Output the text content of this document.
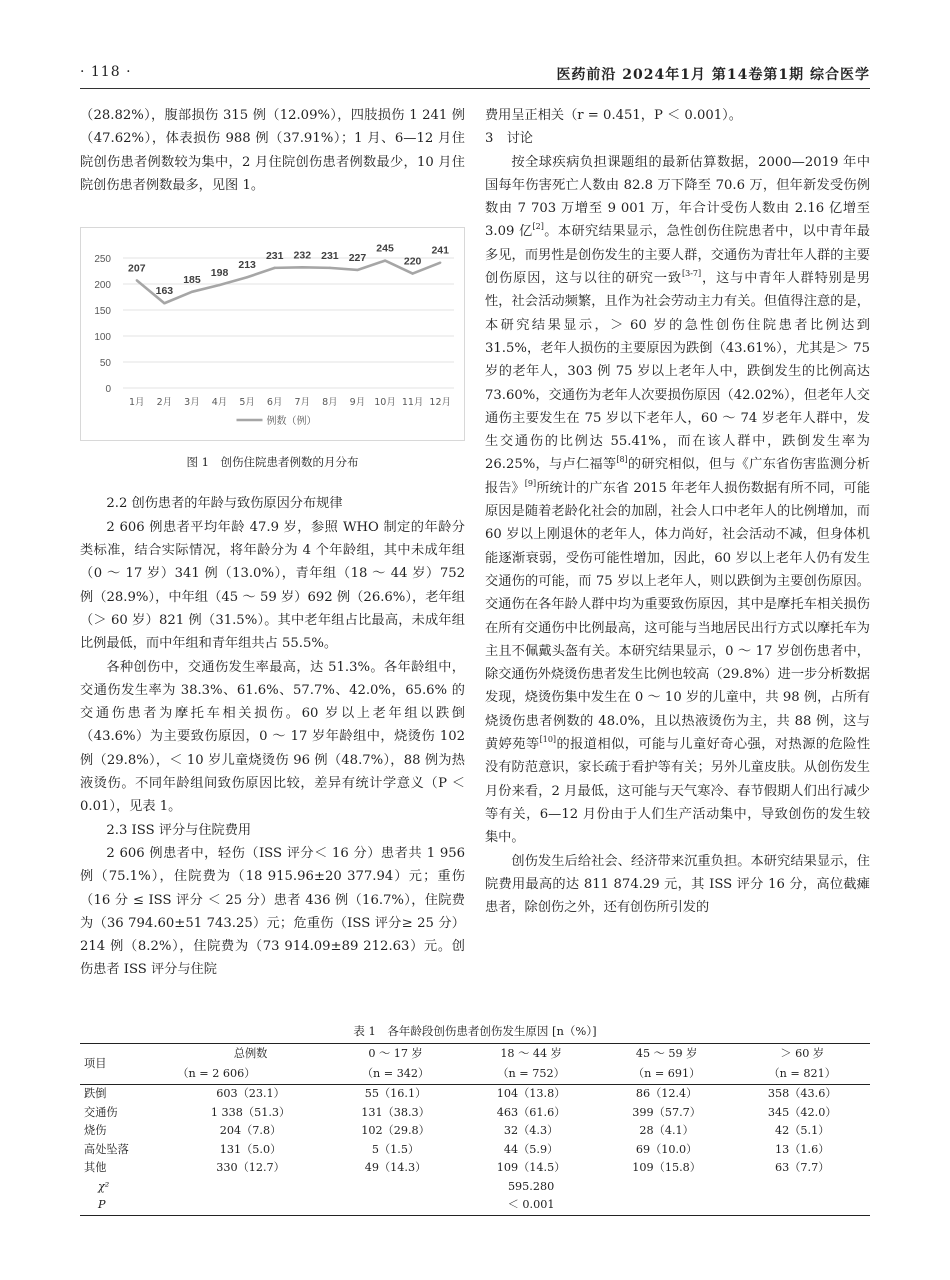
· 118 ·	医药前沿 2024年1月 第14卷第1期 综合医学

（28.82%），腹部损伤 315 例（12.09%），四肢损伤 1 241 例（47.62%），体表损伤 988 例（37.91%）；1 月、6—12 月住院创伤患者例数较为集中，2 月住院创伤患者例数最少，10 月住院创伤患者例数最多，见图 1。

0
50
100
150
200
250
1月 2月 3月 4月 5月 6月 7月 8月 9月 10月 11月 12月
207
163
185
198
213
231 232 231 227
245
220
241
例数（例）
图 1　创伤住院患者例数的月分布

2.2 创伤患者的年龄与致伤原因分布规律

2 606 例患者平均年龄 47.9 岁，参照 WHO 制定的年龄分类标准，结合实际情况，将年龄分为 4 个年龄组，其中未成年组（0 ～ 17 岁）341 例（13.0%），青年组（18 ～ 44 岁）752 例（28.9%），中年组（45 ～ 59 岁）692 例（26.6%），老年组（＞ 60 岁）821 例（31.5%）。其中老年组占比最高，未成年组比例最低，而中年组和青年组共占 55.5%。

各种创伤中，交通伤发生率最高，达 51.3%。各年龄组中，交通伤发生率为 38.3%、61.6%、57.7%、42.0%，65.6% 的交通伤患者为摩托车相关损伤。60 岁以上老年组以跌倒（43.6%）为主要致伤原因，0 ～ 17 岁年龄组中，烧烫伤 102 例（29.8%），＜ 10 岁儿童烧烫伤 96 例（48.7%），88 例为热液烫伤。不同年龄组间致伤原因比较，差异有统计学意义（P ＜ 0.01），见表 1。

2.3 ISS 评分与住院费用

2 606 例患者中，轻伤（ISS 评分＜ 16 分）患者共 1 956 例（75.1%），住院费为（18 915.96±20 377.94）元；重伤（16 分 ≤ ISS 评分 ＜ 25 分）患者 436 例（16.7%），住院费为（36 794.60±51 743.25）元；危重伤（ISS 评分≥ 25 分）214 例（8.2%），住院费为（73 914.09±89 212.63）元。创伤患者 ISS 评分与住院

费用呈正相关（r = 0.451，P ＜ 0.001）。

3　讨论

按全球疾病负担课题组的最新估算数据，2000—2019 年中国每年伤害死亡人数由 82.8 万下降至 70.6 万，但年新发受伤例数由 7 703 万增至 9 001 万，年合计受伤人数由 2.16 亿增至 3.09 亿[2]。本研究结果显示，急性创伤住院患者中，以中青年最多见，而男性是创伤发生的主要人群，交通伤为青壮年人群的主要创伤原因，这与以往的研究一致[3-7]，这与中青年人群特别是男性，社会活动频繁，且作为社会劳动主力有关。但值得注意的是，本研究结果显示，＞ 60 岁的急性创伤住院患者比例达到 31.5%，老年人损伤的主要原因为跌倒（43.61%），尤其是＞ 75 岁的老年人，303 例 75 岁以上老年人中，跌倒发生的比例高达 73.60%，交通伤为老年人次要损伤原因（42.02%），但老年人交通伤主要发生在 75 岁以下老年人，60 ～ 74 岁老年人群中，发生交通伤的比例达 55.41%，而在该人群中，跌倒发生率为 26.25%，与卢仁福等[8]的研究相似，但与《广东省伤害监测分析报告》[9]所统计的广东省 2015 年老年人损伤数据有所不同，可能原因是随着老龄化社会的加剧，社会人口中老年人的比例增加，而 60 岁以上刚退休的老年人，体力尚好，社会活动不减，但身体机能逐渐衰弱，受伤可能性增加，因此，60 岁以上老年人仍有发生交通伤的可能，而 75 岁以上老年人，则以跌倒为主要创伤原因。交通伤在各年龄人群中均为重要致伤原因，其中是摩托车相关损伤在所有交通伤中比例最高，这可能与当地居民出行方式以摩托车为主且不佩戴头盔有关。本研究结果显示，0 ～ 17 岁创伤患者中，除交通伤外烧烫伤患者发生比例也较高（29.8%）进一步分析数据发现，烧烫伤集中发生在 0 ～ 10 岁的儿童中，共 98 例，占所有烧烫伤患者例数的 48.0%，且以热液烫伤为主，共 88 例，这与黄婷苑等[10]的报道相似，可能与儿童好奇心强，对热源的危险性没有防范意识，家长疏于看护等有关；另外儿童皮肤。从创伤发生月份来看，2 月最低，这可能与天气寒冷、春节假期人们出行减少等有关，6—12 月份由于人们生产活动集中，导致创伤的发生较集中。

创伤发生后给社会、经济带来沉重负担。本研究结果显示，住院费用最高的达 811 874.29 元，其 ISS 评分 16 分，高位截瘫患者，除创伤之外，还有创伤所引发的

表 1　各年龄段创伤患者创伤发生原因 [n（%）]
项目	总例数	0 ～ 17 岁	18 ～ 44 岁	45 ～ 59 岁	＞ 60 岁
	（n = 2 606）	（n = 342）	（n = 752）	（n = 691）	（n = 821）
跌倒	603（23.1）	55（16.1）	104（13.8）	86（12.4）	358（43.6）
交通伤	1 338（51.3）	131（38.3）	463（61.6）	399（57.7）	345（42.0）
烧伤	204（7.8）	102（29.8）	32（4.3）	28（4.1）	42（5.1）
高处坠落	131（5.0）	5（1.5）	44（5.9）	69（10.0）	13（1.6）
其他	330（12.7）	49（14.3）	109（14.5）	109（15.8）	63（7.7）
χ²			595.280		
P			＜ 0.001		
